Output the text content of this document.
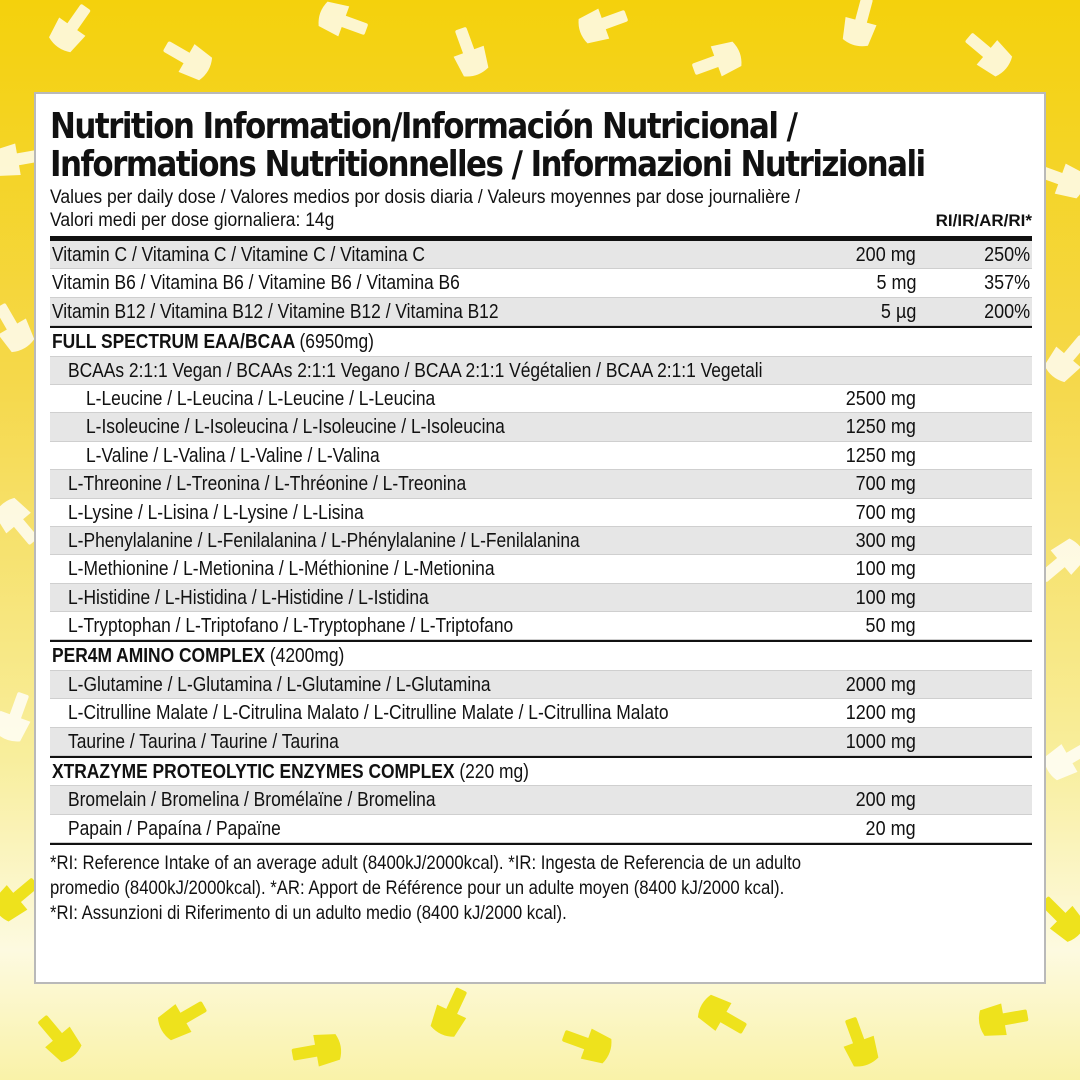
Nutrition Information/Información Nutricional /
Informations Nutritionnelles / Informazioni Nutrizionali
Values per daily dose / Valores medios por dosis diaria / Valeurs moyennes par dose journalière /
Valori medi per dose giornaliera: 14g	RI/IR/AR/RI*
Vitamin C / Vitamina C / Vitamine C / Vitamina C	200 mg	250%
Vitamin B6 / Vitamina B6 / Vitamine B6 / Vitamina B6	5 mg	357%
Vitamin B12 / Vitamina B12 / Vitamine B12 / Vitamina B12	5 µg	200%
FULL SPECTRUM EAA/BCAA (6950mg)
BCAAs 2:1:1 Vegan / BCAAs 2:1:1 Vegano / BCAA 2:1:1 Végétalien / BCAA 2:1:1 Vegetali
L-Leucine / L-Leucina / L-Leucine / L-Leucina	2500 mg
L-Isoleucine / L-Isoleucina / L-Isoleucine / L-Isoleucina	1250 mg
L-Valine / L-Valina / L-Valine / L-Valina	1250 mg
L-Threonine / L-Treonina / L-Thréonine / L-Treonina	700 mg
L-Lysine / L-Lisina / L-Lysine / L-Lisina	700 mg
L-Phenylalanine / L-Fenilalanina / L-Phénylalanine / L-Fenilalanina	300 mg
L-Methionine / L-Metionina / L-Méthionine / L-Metionina	100 mg
L-Histidine / L-Histidina / L-Histidine / L-Istidina	100 mg
L-Tryptophan / L-Triptofano / L-Tryptophane / L-Triptofano	50 mg
PER4M AMINO COMPLEX (4200mg)
L-Glutamine / L-Glutamina / L-Glutamine / L-Glutamina	2000 mg
L-Citrulline Malate / L-Citrulina Malato / L-Citrulline Malate / L-Citrullina Malato	1200 mg
Taurine / Taurina / Taurine / Taurina	1000 mg
XTRAZYME PROTEOLYTIC ENZYMES COMPLEX (220 mg)
Bromelain / Bromelina / Bromélaïne / Bromelina	200 mg
Papain / Papaína / Papaïne	20 mg
*RI: Reference Intake of an average adult (8400kJ/2000kcal). *IR: Ingesta de Referencia de un adulto
promedio (8400kJ/2000kcal). *AR: Apport de Référence pour un adulte moyen (8400 kJ/2000 kcal).
*RI: Assunzioni di Riferimento di un adulto medio (8400 kJ/2000 kcal).
